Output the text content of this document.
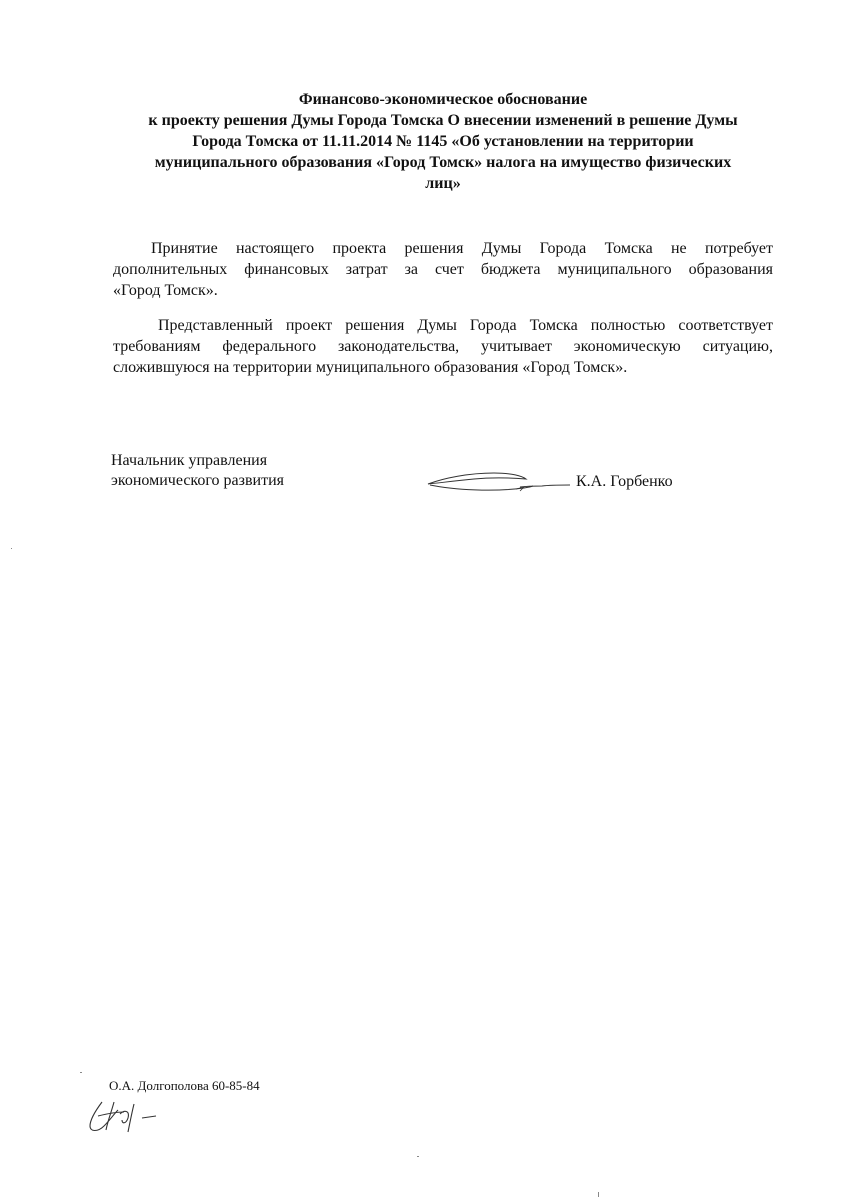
Финансово-экономическое обоснование
к проекту решения Думы Города Томска О внесении изменений в решение Думы
Города Томска от 11.11.2014 № 1145 «Об установлении на территории
муниципального образования «Город Томск» налога на имущество физических
лиц»
Принятие настоящего проекта решения Думы Города Томска не потребует
дополнительных финансовых затрат за счет бюджета муниципального образования
«Город Томск».
Представленный проект решения Думы Города Томска полностью соответствует
требованиям федерального законодательства, учитывает экономическую ситуацию,
сложившуюся на территории муниципального образования «Город Томск».
Начальник управления
экономического развития	К.А. Горбенко
О.А. Долгополова 60-85-84
